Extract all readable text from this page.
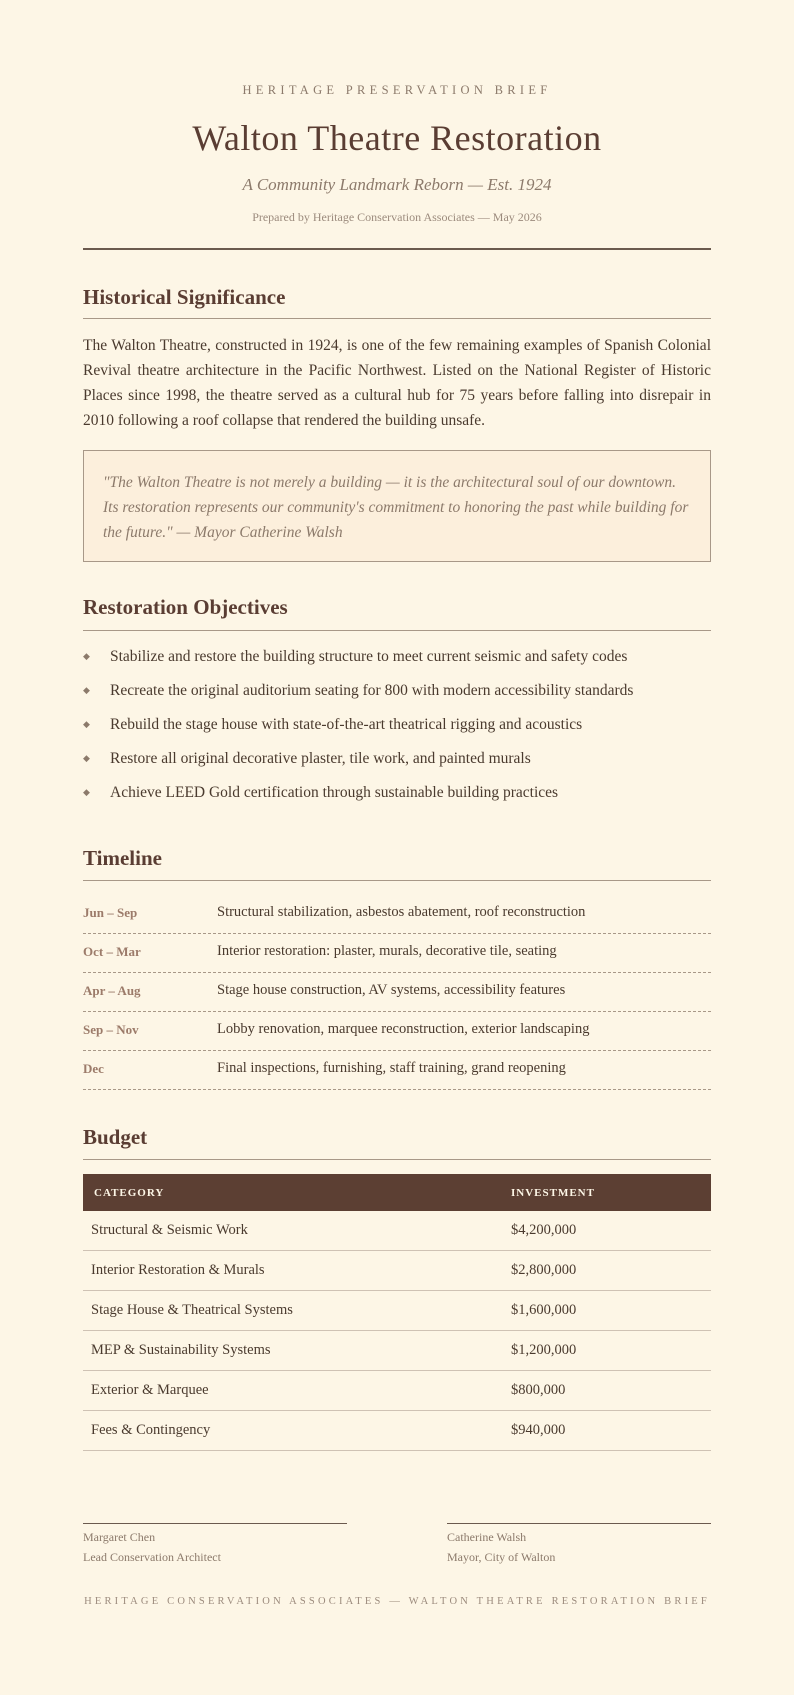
HERITAGE PRESERVATION BRIEF
Walton Theatre Restoration
A Community Landmark Reborn — Est. 1924
Prepared by Heritage Conservation Associates — May 2026
Historical Significance
The Walton Theatre, constructed in 1924, is one of the few remaining examples of Spanish Colonial Revival theatre architecture in the Pacific Northwest. Listed on the National Register of Historic Places since 1998, the theatre served as a cultural hub for 75 years before falling into disrepair in 2010 following a roof collapse that rendered the building unsafe.
"The Walton Theatre is not merely a building — it is the architectural soul of our downtown. Its restoration represents our community's commitment to honoring the past while building for the future." — Mayor Catherine Walsh
Restoration Objectives
◆ Stabilize and restore the building structure to meet current seismic and safety codes
◆ Recreate the original auditorium seating for 800 with modern accessibility standards
◆ Rebuild the stage house with state-of-the-art theatrical rigging and acoustics
◆ Restore all original decorative plaster, tile work, and painted murals
◆ Achieve LEED Gold certification through sustainable building practices
Timeline
Jun – Sep	Structural stabilization, asbestos abatement, roof reconstruction
Oct – Mar	Interior restoration: plaster, murals, decorative tile, seating
Apr – Aug	Stage house construction, AV systems, accessibility features
Sep – Nov	Lobby renovation, marquee reconstruction, exterior landscaping
Dec	Final inspections, furnishing, staff training, grand reopening
Budget
CATEGORY	INVESTMENT
Structural & Seismic Work	$4,200,000
Interior Restoration & Murals	$2,800,000
Stage House & Theatrical Systems	$1,600,000
MEP & Sustainability Systems	$1,200,000
Exterior & Marquee	$800,000
Fees & Contingency	$940,000
Margaret Chen
Lead Conservation Architect
Catherine Walsh
Mayor, City of Walton
HERITAGE CONSERVATION ASSOCIATES — WALTON THEATRE RESTORATION BRIEF
